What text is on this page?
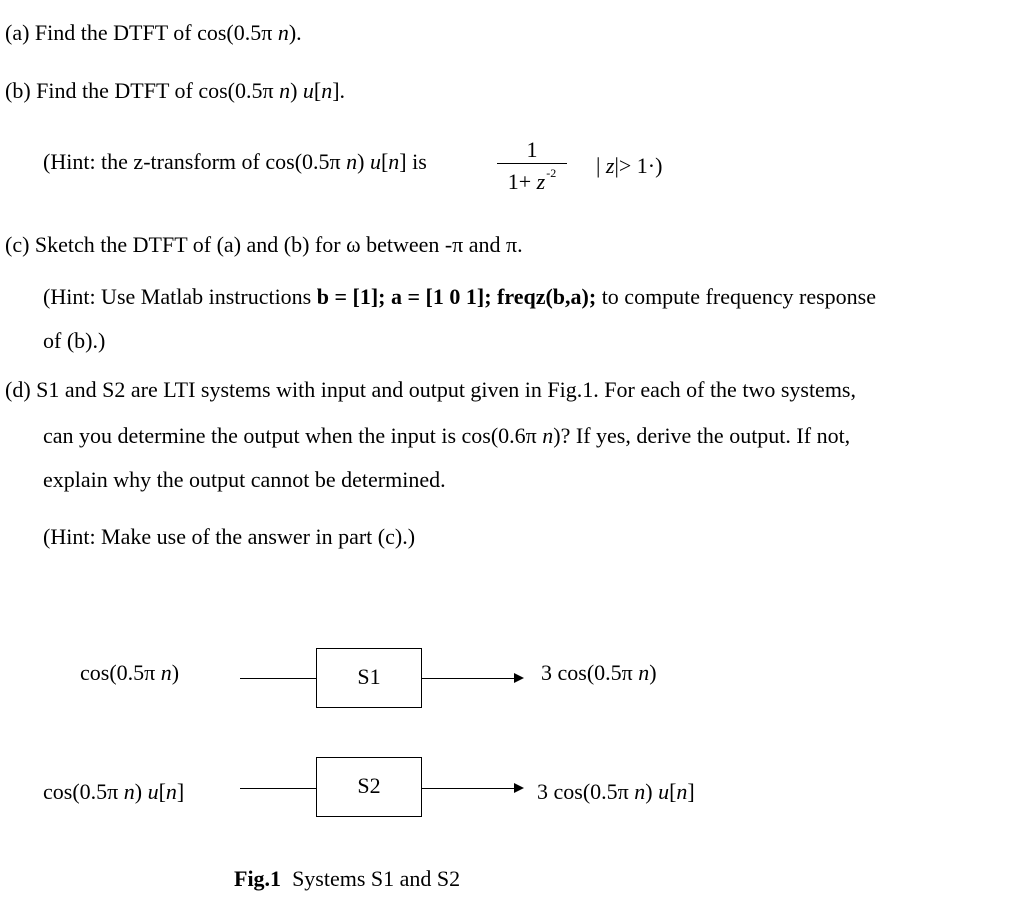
(a) Find the DTFT of cos(0.5π n).
(b) Find the DTFT of cos(0.5π n) u[n].
(Hint: the z-transform of cos(0.5π n) u[n] is	1
$1+ z^{-2}$	| z|> 1·)
(c) Sketch the DTFT of (a) and (b) for ω between -π and π.
(Hint: Use Matlab instructions b = [1]; a = [1 0 1]; freqz(b,a); to compute frequency response
of (b).)
(d) S1 and S2 are LTI systems with input and output given in Fig.1. For each of the two systems,
can you determine the output when the input is cos(0.6π n)? If yes, derive the output. If not,
explain why the output cannot be determined.
(Hint: Make use of the answer in part (c).)
cos(0.5π n)	S1	3 cos(0.5π n)
cos(0.5π n) u[n]	S2	3 cos(0.5π n) u[n]
Fig.1  Systems S1 and S2
